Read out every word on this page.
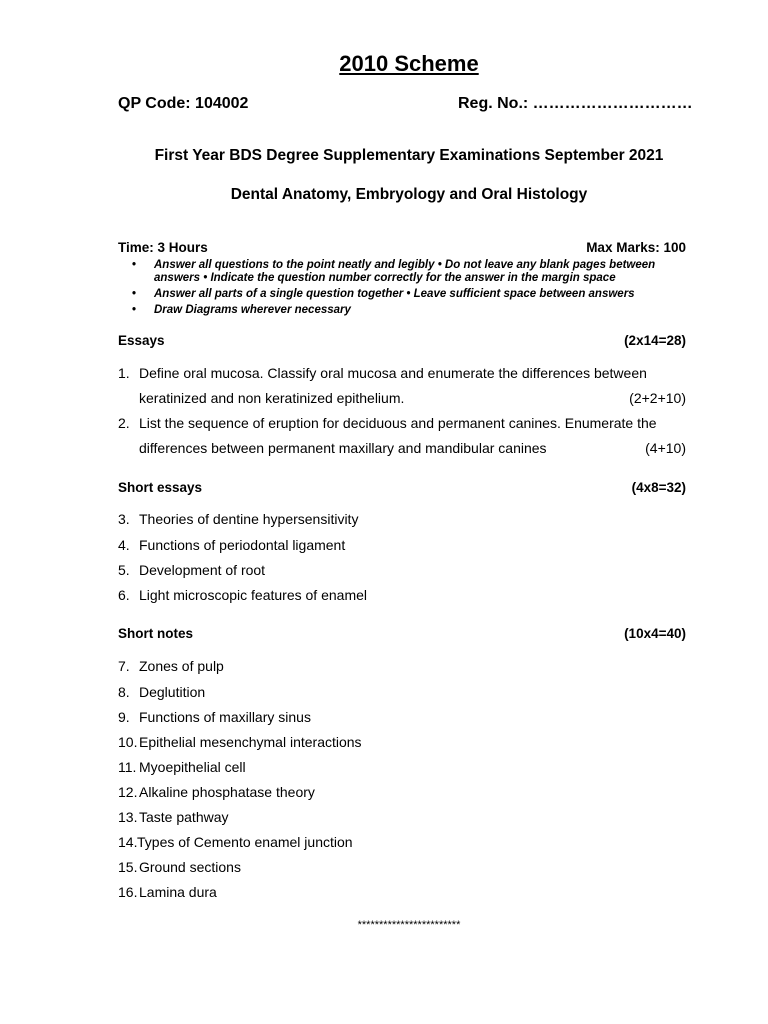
2010 Scheme
QP Code: 104002	Reg. No.: …………………………
First Year BDS Degree Supplementary Examinations September 2021
Dental Anatomy, Embryology and Oral Histology
Time: 3 Hours	Max Marks: 100
• Answer all questions to the point neatly and legibly • Do not leave any blank pages between
answers • Indicate the question number correctly for the answer in the margin space
• Answer all parts of a single question together • Leave sufficient space between answers
• Draw Diagrams wherever necessary
Essays	(2x14=28)
1. Define oral mucosa. Classify oral mucosa and enumerate the differences between
keratinized and non keratinized epithelium.	(2+2+10)
2. List the sequence of eruption for deciduous and permanent canines. Enumerate the
differences between permanent maxillary and mandibular canines	(4+10)
Short essays	(4x8=32)
3. Theories of dentine hypersensitivity
4. Functions of periodontal ligament
5. Development of root
6. Light microscopic features of enamel
Short notes	(10x4=40)
7. Zones of pulp
8. Deglutition
9. Functions of maxillary sinus
10. Epithelial mesenchymal interactions
11. Myoepithelial cell
12. Alkaline phosphatase theory
13. Taste pathway
14. Types of Cemento enamel junction
15. Ground sections
16. Lamina dura
************************
